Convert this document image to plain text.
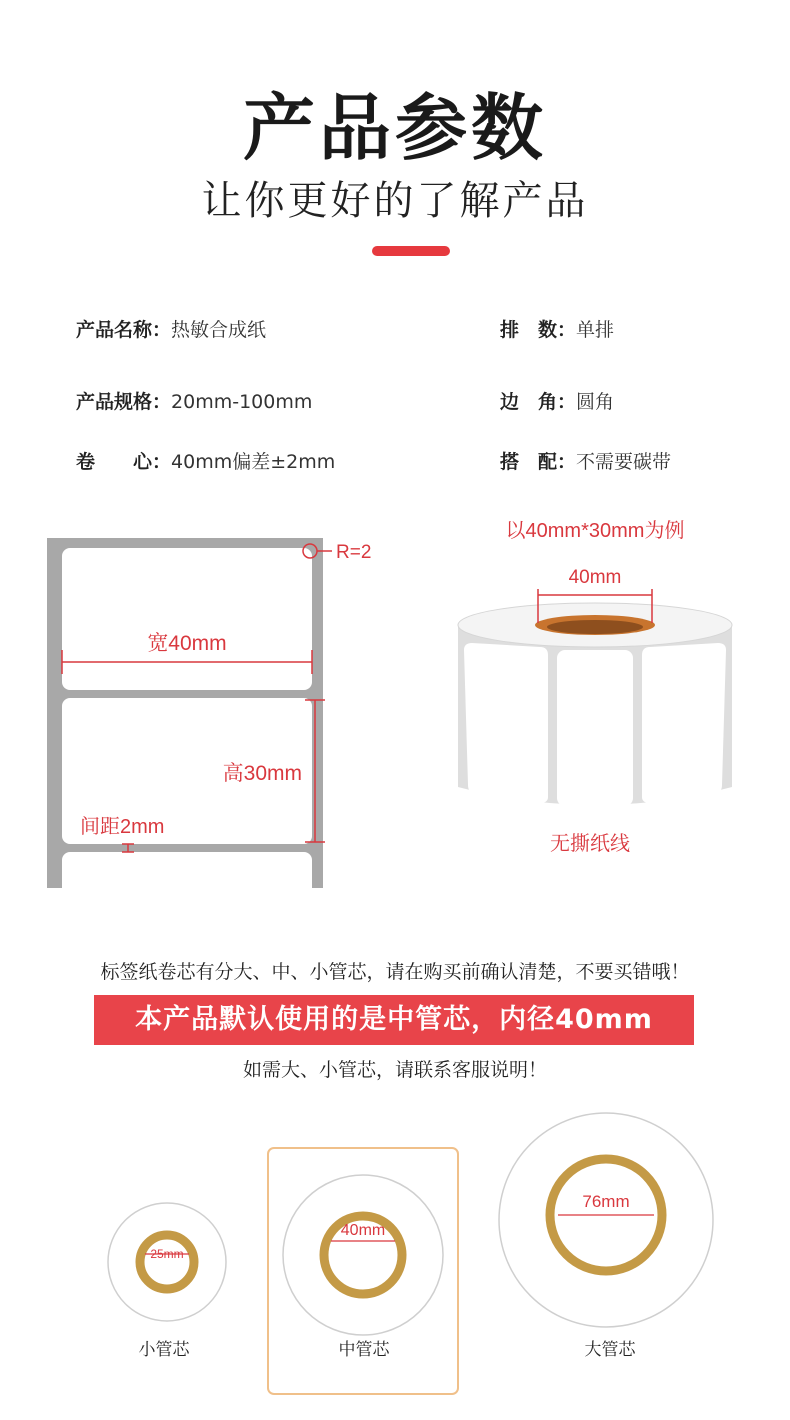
产品参数
让你更好的了解产品
产品名称：热敏合成纸
产品规格：20mm-100mm
卷　　心：40mm偏差±2mm
排　数：单排
边　角：圆角
搭　配：不需要碳带
R=2
宽40mm
高30mm
间距2mm
以40mm*30mm为例
40mm
无撕纸线
标签纸卷芯有分大、中、小管芯，请在购买前确认清楚，不要买错哦！
本产品默认使用的是中管芯，内径40mm
如需大、小管芯，请联系客服说明！
25mm
40mm
76mm
小管芯	中管芯	大管芯
